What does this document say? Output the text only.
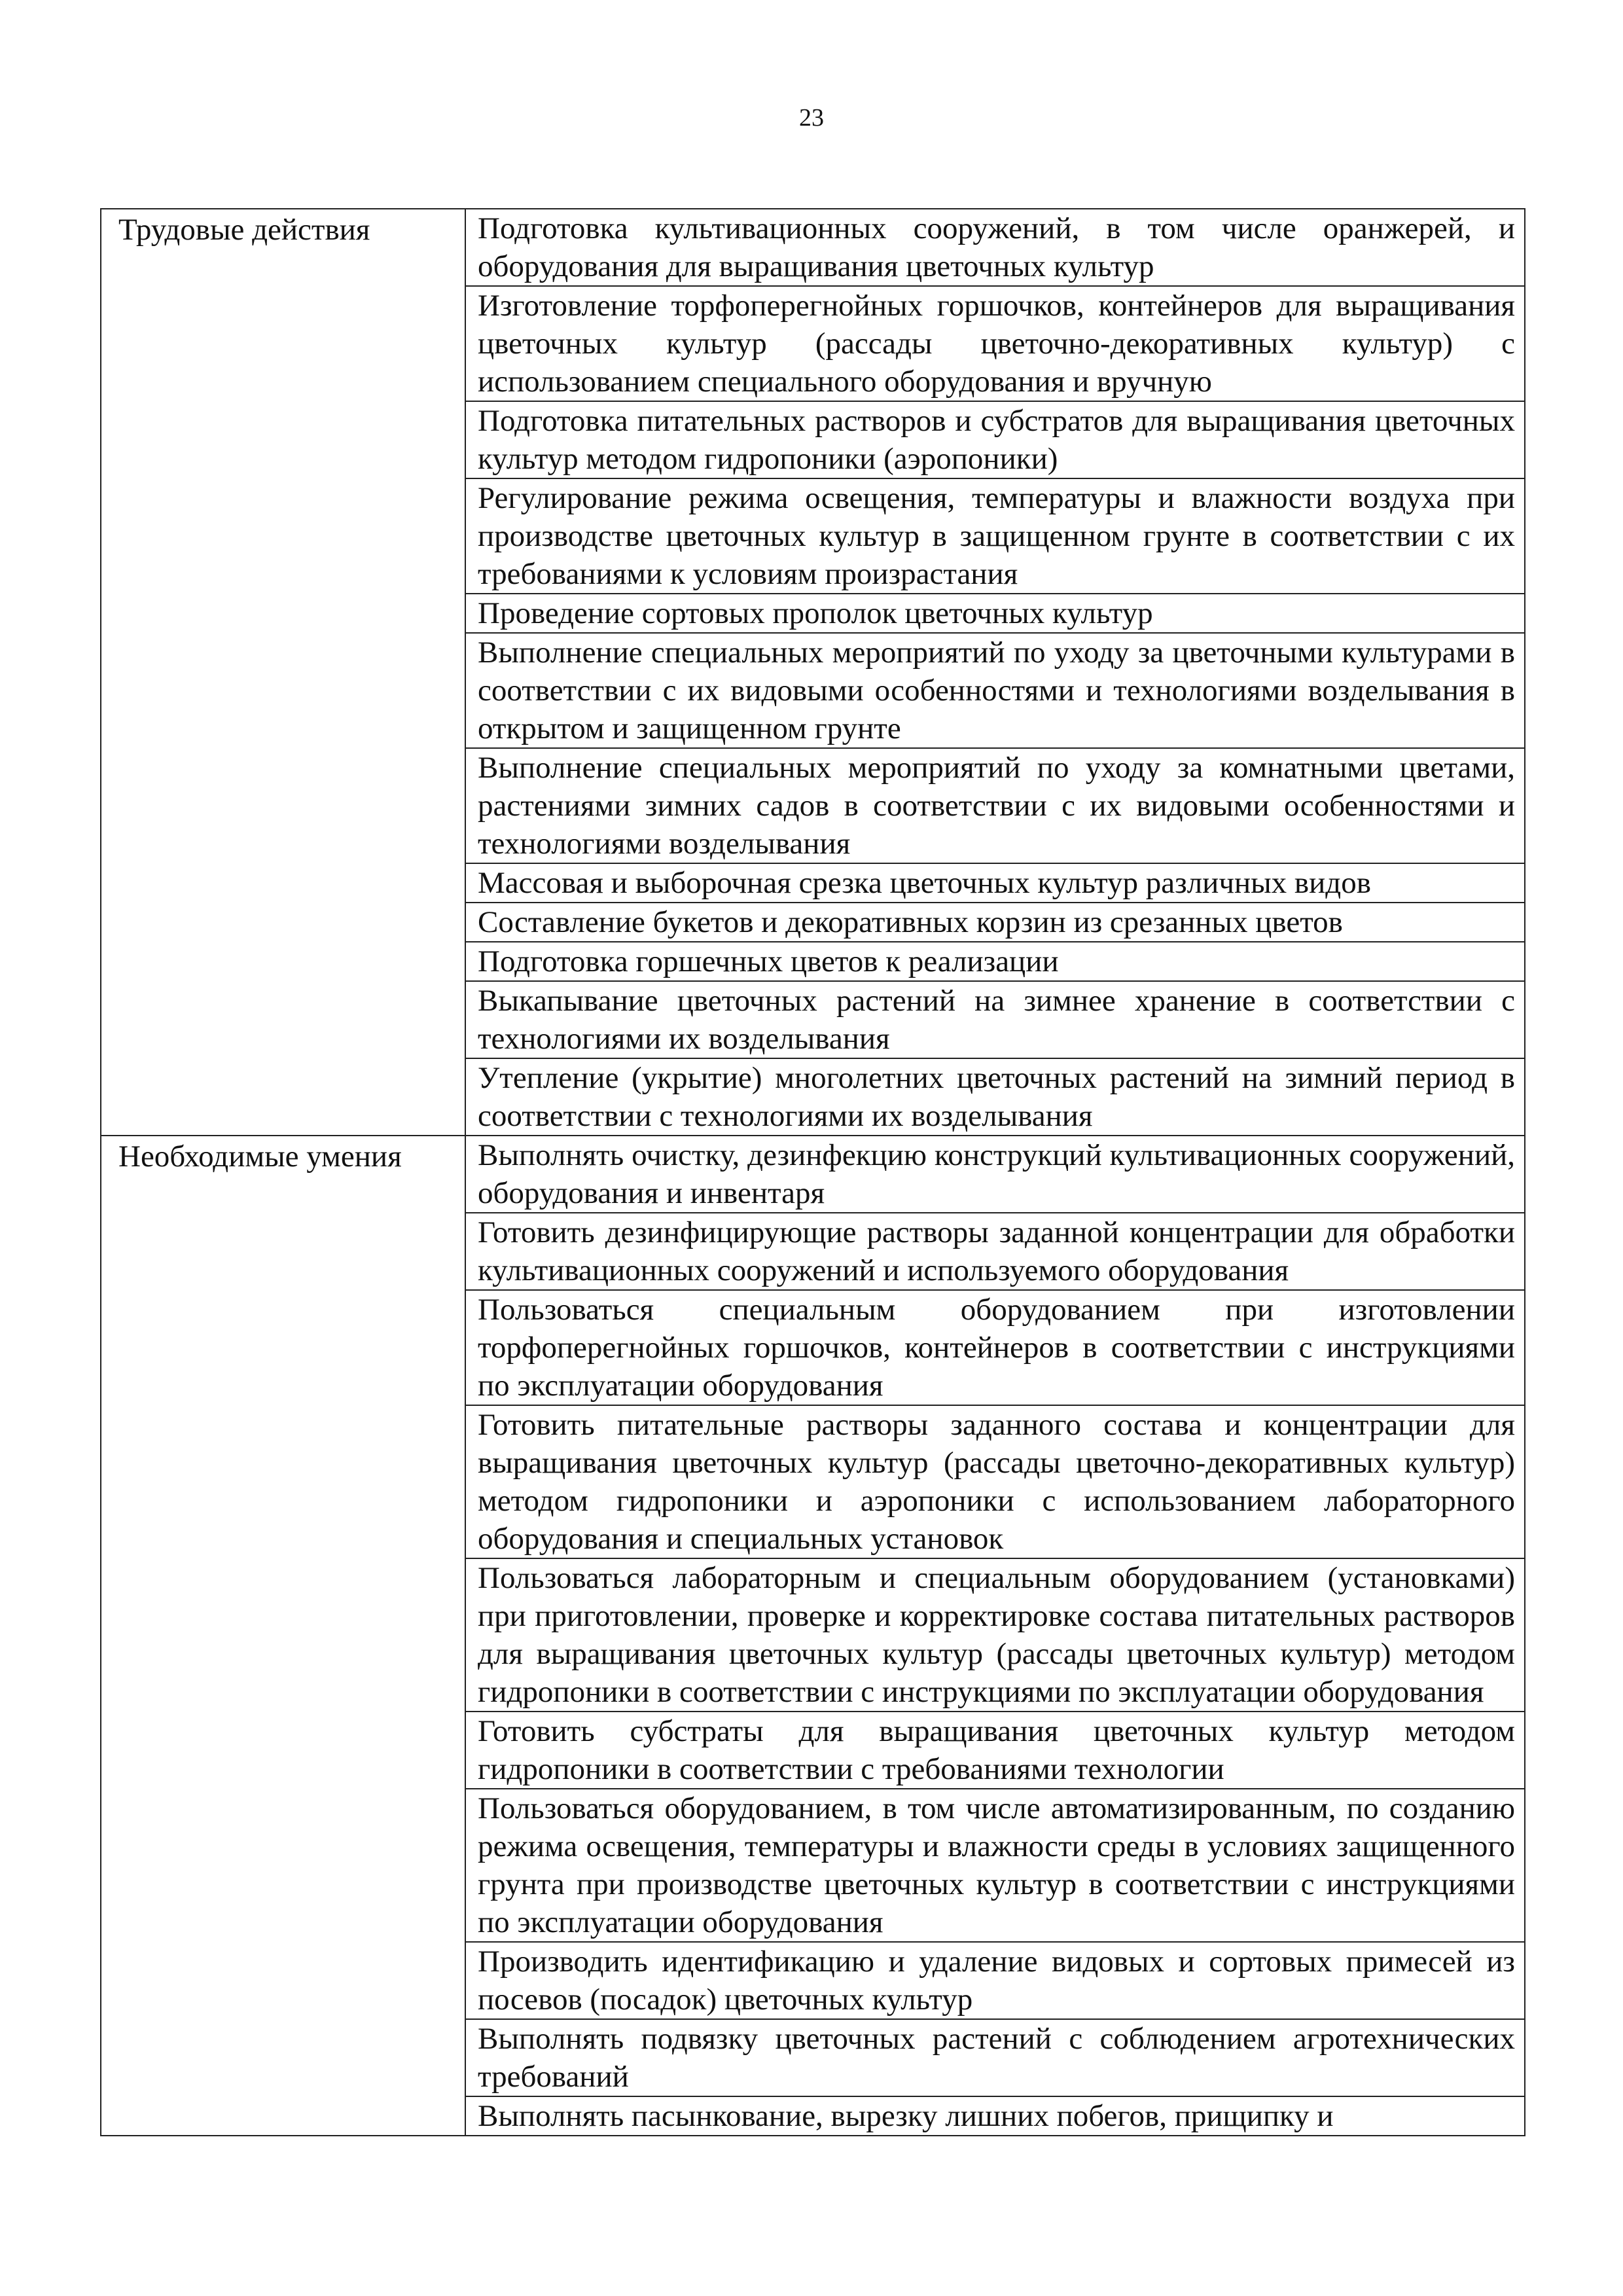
23
Трудовые действия	Подготовка культивационных сооружений, в том числе оранжерей, и оборудования для выращивания цветочных культур
	Изготовление торфоперегнойных горшочков, контейнеров для выращивания цветочных культур (рассады цветочно-декоративных культур) с использованием специального оборудования и вручную
	Подготовка питательных растворов и субстратов для выращивания цветочных культур методом гидропоники (аэропоники)
	Регулирование режима освещения, температуры и влажности воздуха при производстве цветочных культур в защищенном грунте в соответствии с их требованиями к условиям произрастания
	Проведение сортовых прополок цветочных культур
	Выполнение специальных мероприятий по уходу за цветочными культурами в соответствии с их видовыми особенностями и технологиями возделывания в открытом и защищенном грунте
	Выполнение специальных мероприятий по уходу за комнатными цветами, растениями зимних садов в соответствии с их видовыми особенностями и технологиями возделывания
	Массовая и выборочная срезка цветочных культур различных видов
	Составление букетов и декоративных корзин из срезанных цветов
	Подготовка горшечных цветов к реализации
	Выкапывание цветочных растений на зимнее хранение в соответствии с технологиями их возделывания
	Утепление (укрытие) многолетних цветочных растений на зимний период в соответствии с технологиями их возделывания
Необходимые умения	Выполнять очистку, дезинфекцию конструкций культивационных сооружений, оборудования и инвентаря
	Готовить дезинфицирующие растворы заданной концентрации для обработки культивационных сооружений и используемого оборудования
	Пользоваться специальным оборудованием при изготовлении торфоперегнойных горшочков, контейнеров в соответствии с инструкциями по эксплуатации оборудования
	Готовить питательные растворы заданного состава и концентрации для выращивания цветочных культур (рассады цветочно-декоративных культур) методом гидропоники и аэропоники с использованием лабораторного оборудования и специальных установок
	Пользоваться лабораторным и специальным оборудованием (установками) при приготовлении, проверке и корректировке состава питательных растворов для выращивания цветочных культур (рассады цветочных культур) методом гидропоники в соответствии с инструкциями по эксплуатации оборудования
	Готовить субстраты для выращивания цветочных культур методом гидропоники в соответствии с требованиями технологии
	Пользоваться оборудованием, в том числе автоматизированным, по созданию режима освещения, температуры и влажности среды в условиях защищенного грунта при производстве цветочных культур в соответствии с инструкциями по эксплуатации оборудования
	Производить идентификацию и удаление видовых и сортовых примесей из посевов (посадок) цветочных культур
	Выполнять подвязку цветочных растений с соблюдением агротехнических требований
	Выполнять пасынкование, вырезку лишних побегов, прищипку и
